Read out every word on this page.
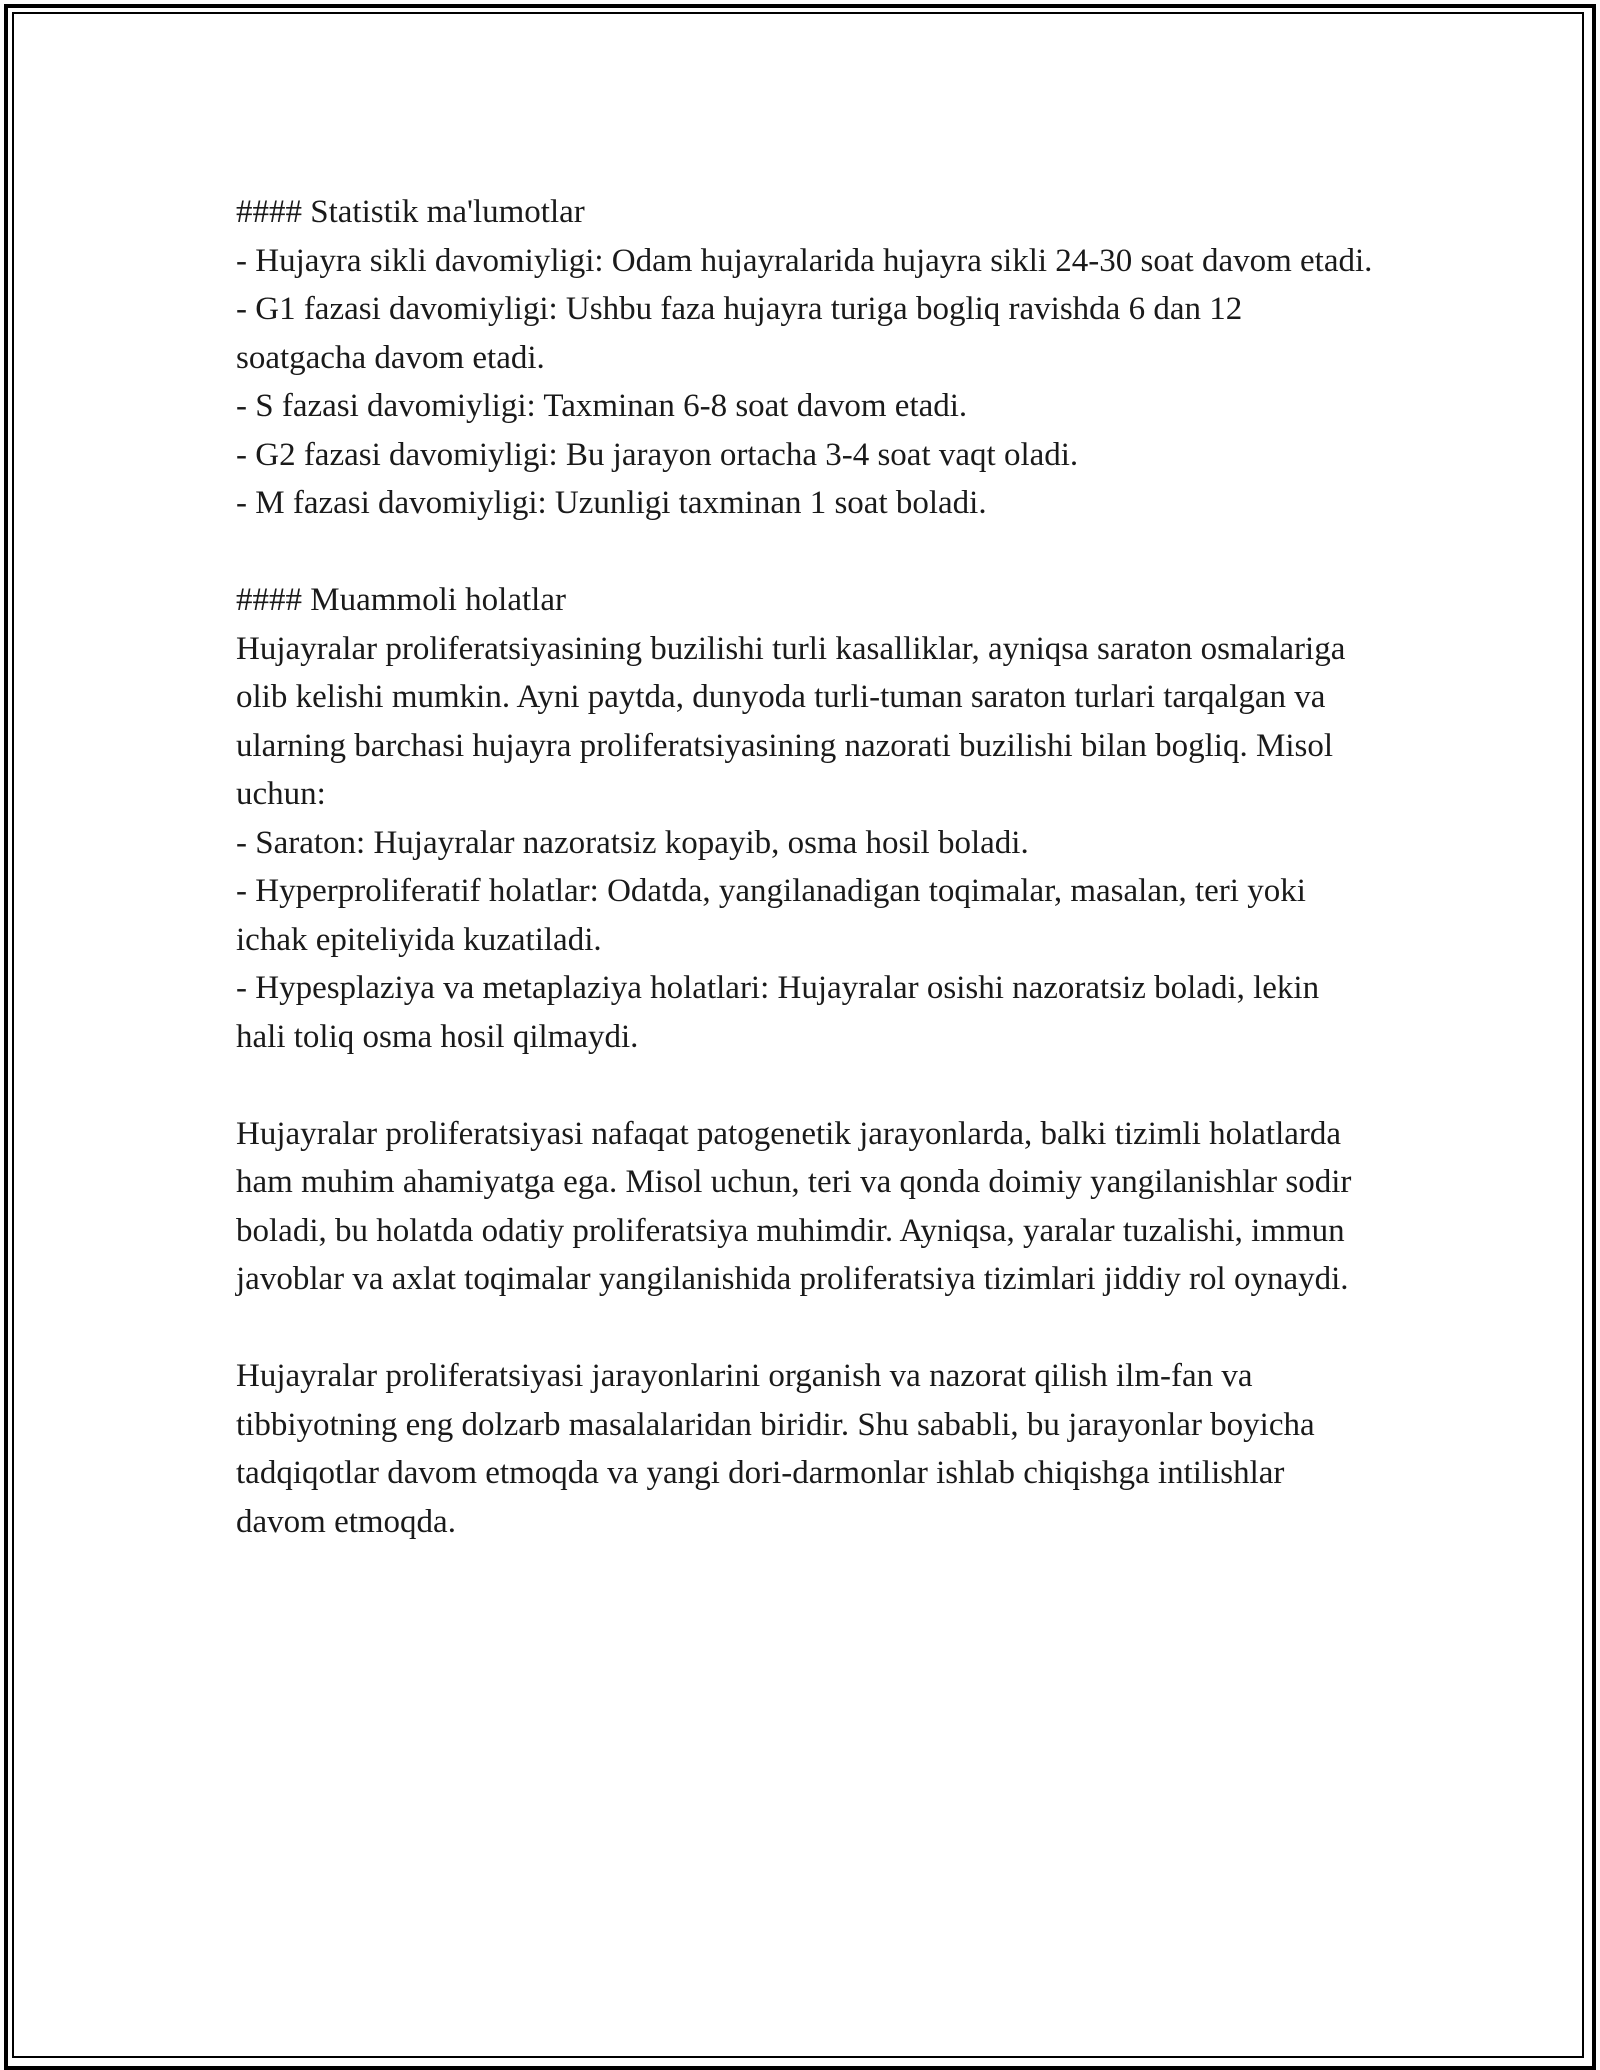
#### Statistik ma'lumotlar

- Hujayra sikli davomiyligi: Odam hujayralarida hujayra sikli 24-30 soat davom etadi.

- G1 fazasi davomiyligi: Ushbu faza hujayra turiga bogliq ravishda 6 dan 12 soatgacha davom etadi.

- S fazasi davomiyligi: Taxminan 6-8 soat davom etadi.

- G2 fazasi davomiyligi: Bu jarayon ortacha 3-4 soat vaqt oladi.

- M fazasi davomiyligi: Uzunligi taxminan 1 soat boladi.

#### Muammoli holatlar

Hujayralar proliferatsiyasining buzilishi turli kasalliklar, ayniqsa saraton osmalariga olib kelishi mumkin. Ayni paytda, dunyoda turli-tuman saraton turlari tarqalgan va ularning barchasi hujayra proliferatsiyasining nazorati buzilishi bilan bogliq. Misol uchun:

- Saraton: Hujayralar nazoratsiz kopayib, osma hosil boladi.

- Hyperproliferatif holatlar: Odatda, yangilanadigan toqimalar, masalan, teri yoki ichak epiteliyida kuzatiladi.

- Hypesplaziya va metaplaziya holatlari: Hujayralar osishi nazoratsiz boladi, lekin hali toliq osma hosil qilmaydi.

Hujayralar proliferatsiyasi nafaqat patogenetik jarayonlarda, balki tizimli holatlarda ham muhim ahamiyatga ega. Misol uchun, teri va qonda doimiy yangilanishlar sodir boladi, bu holatda odatiy proliferatsiya muhimdir. Ayniqsa, yaralar tuzalishi, immun javoblar va axlat toqimalar yangilanishida proliferatsiya tizimlari jiddiy rol oynaydi.

Hujayralar proliferatsiyasi jarayonlarini organish va nazorat qilish ilm-fan va tibbiyotning eng dolzarb masalalaridan biridir. Shu sababli, bu jarayonlar boyicha tadqiqotlar davom etmoqda va yangi dori-darmonlar ishlab chiqishga intilishlar davom etmoqda.
